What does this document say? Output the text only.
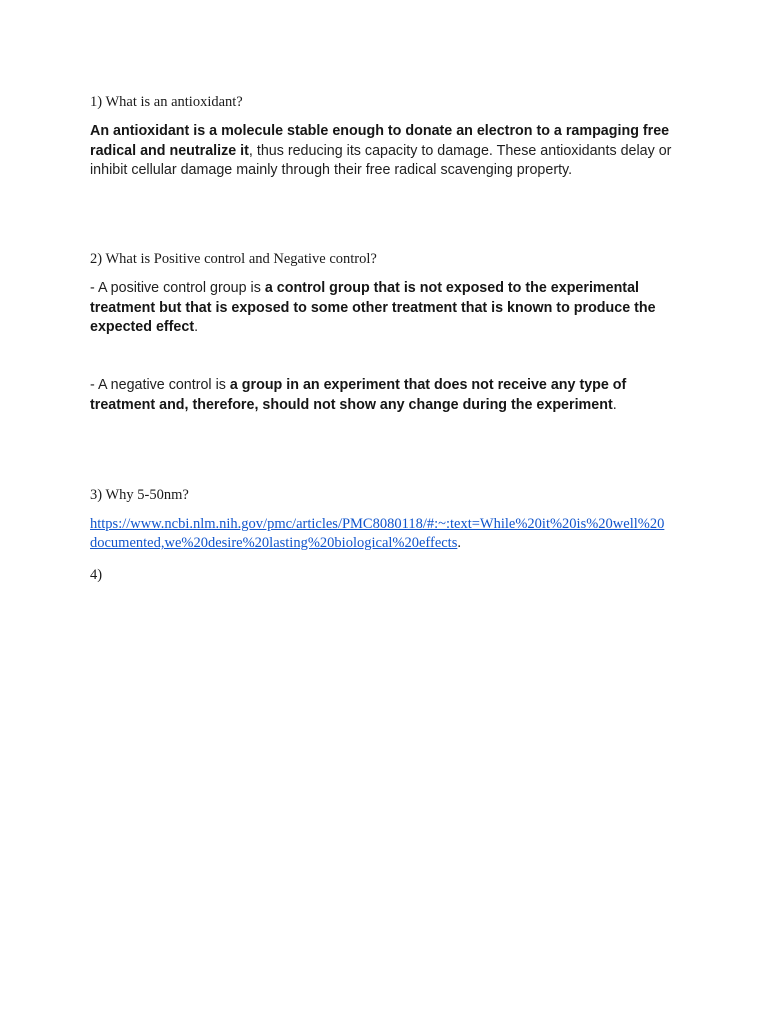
1) What is an antioxidant?
An antioxidant is a molecule stable enough to donate an electron to a rampaging free radical and neutralize it, thus reducing its capacity to damage. These antioxidants delay or inhibit cellular damage mainly through their free radical scavenging property.
2) What is Positive control and Negative control?
- A positive control group is a control group that is not exposed to the experimental treatment but that is exposed to some other treatment that is known to produce the expected effect.
- A negative control is a group in an experiment that does not receive any type of treatment and, therefore, should not show any change during the experiment.
3) Why 5-50nm?
https://www.ncbi.nlm.nih.gov/pmc/articles/PMC8080118/#:~:text=While%20it%20is%20well%20documented,we%20desire%20lasting%20biological%20effects.
4)
